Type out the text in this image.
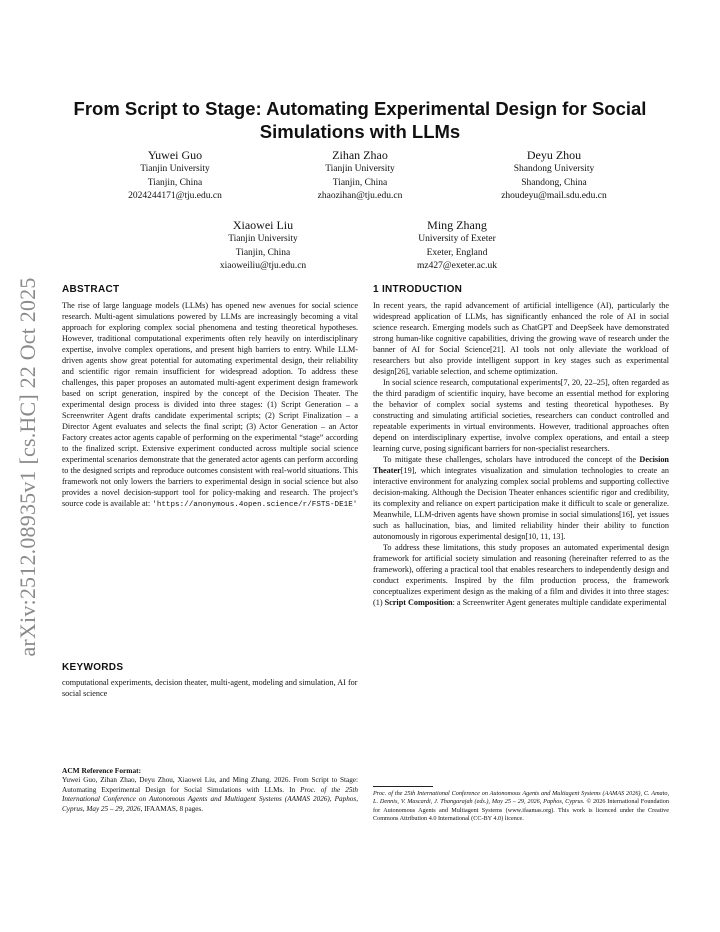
arXiv:2512.08935v1 [cs.HC] 22 Oct 2025
From Script to Stage: Automating Experimental Design for Social Simulations with LLMs
Yuwei Guo
Tianjin University
Tianjin, China
2024244171@tju.edu.cn
Zihan Zhao
Tianjin University
Tianjin, China
zhaozihan@tju.edu.cn
Deyu Zhou
Shandong University
Shandong, China
zhoudeyu@mail.sdu.edu.cn
Xiaowei Liu
Tianjin University
Tianjin, China
xiaoweiliu@tju.edu.cn
Ming Zhang
University of Exeter
Exeter, England
mz427@exeter.ac.uk
ABSTRACT

The rise of large language models (LLMs) has opened new avenues for social science research. Multi-agent simulations powered by LLMs are increasingly becoming a vital approach for exploring complex social phenomena and testing theoretical hypotheses. However, traditional computational experiments often rely heavily on interdisciplinary expertise, involve complex operations, and present high barriers to entry. While LLM-driven agents show great potential for automating experimental design, their reliability and scientific rigor remain insufficient for widespread adoption. To address these challenges, this paper proposes an automated multi-agent experiment design framework based on script generation, inspired by the concept of the Decision Theater. The experimental design process is divided into three stages: (1) Script Generation – a Screenwriter Agent drafts candidate experimental scripts; (2) Script Finalization – a Director Agent evaluates and selects the final script; (3) Actor Generation – an Actor Factory creates actor agents capable of performing on the experimental “stage” according to the finalized script. Extensive experiment conducted across multiple social science experimental scenarios demonstrate that the generated actor agents can perform according to the designed scripts and reproduce outcomes consistent with real-world situations. This framework not only lowers the barriers to experimental design in social science but also provides a novel decision-support tool for policy-making and research. The project’s source code is available at: 'https://anonymous.4open.science/r/FSTS-DE1E'

KEYWORDS

computational experiments, decision theater, multi-agent, modeling and simulation, AI for social science

ACM Reference Format:

Yuwei Guo, Zihan Zhao, Deyu Zhou, Xiaowei Liu, and Ming Zhang. 2026. From Script to Stage: Automating Experimental Design for Social Simulations with LLMs. In Proc. of the 25th International Conference on Autonomous Agents and Multiagent Systems (AAMAS 2026), Paphos, Cyprus, May 25 – 29, 2026, IFAAMAS, 8 pages.

1 INTRODUCTION

In recent years, the rapid advancement of artificial intelligence (AI), particularly the widespread application of LLMs, has significantly enhanced the role of AI in social science research. Emerging models such as ChatGPT and DeepSeek have demonstrated strong human-like cognitive capabilities, driving the growing wave of research under the banner of AI for Social Science[21]. AI tools not only alleviate the workload of researchers but also provide intelligent support in key stages such as experimental design[26], variable selection, and scheme optimization.

In social science research, computational experiments[7, 20, 22–25], often regarded as the third paradigm of scientific inquiry, have become an essential method for exploring the behavior of complex social systems and testing theoretical hypotheses. By constructing and simulating artificial societies, researchers can conduct controlled and repeatable experiments in virtual environments. However, traditional approaches often depend on interdisciplinary expertise, involve complex operations, and entail a steep learning curve, posing significant barriers for non-specialist researchers.

To mitigate these challenges, scholars have introduced the concept of the Decision Theater[19], which integrates visualization and simulation technologies to create an interactive environment for analyzing complex social problems and supporting collective decision-making. Although the Decision Theater enhances scientific rigor and credibility, its complexity and reliance on expert participation make it difficult to scale or generalize. Meanwhile, LLM-driven agents have shown promise in social simulations[16], yet issues such as hallucination, bias, and limited reliability hinder their ability to function autonomously in rigorous experimental design[10, 11, 13].

To address these limitations, this study proposes an automated experimental design framework for artificial society simulation and reasoning (hereinafter referred to as the framework), offering a practical tool that enables researchers to independently design and conduct experiments. Inspired by the film production process, the framework conceptualizes experiment design as the making of a film and divides it into three stages: (1) Script Composition: a Screenwriter Agent generates multiple candidate experimental

Proc. of the 25th International Conference on Autonomous Agents and Multiagent Systems (AAMAS 2026), C. Amato, L. Dennis, V. Mascardi, J. Thangarajah (eds.), May 25 – 29, 2026, Paphos, Cyprus. © 2026 International Foundation for Autonomous Agents and Multiagent Systems (www.ifaamas.org). This work is licenced under the Creative Commons Attribution 4.0 International (CC-BY 4.0) licence.
